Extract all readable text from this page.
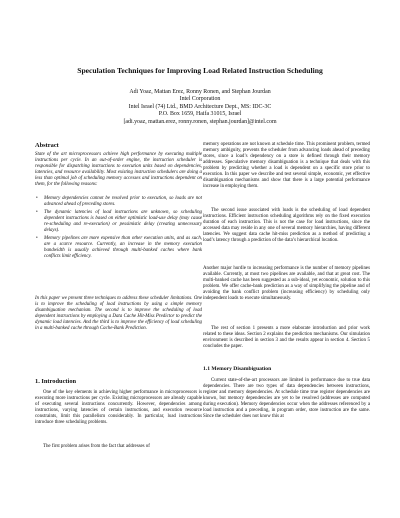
Speculation Techniques for Improving Load Related Instruction Scheduling
Adi Yoaz, Mattan Erez, Ronny Ronen, and Stephan Jourdan
Intel Corporation
Intel Israel (74) Ltd., BMD Architecture Dept., MS: IDC-3C
P.O. Box 1659, Haifa 31015, Israel
[adi.yoaz, mattan.erez, ronny.ronen, stephan.jourdan]@intel.com
Abstract
State of the art microprocessors achieve high performance by executing multiple instructions per cycle. In an out-of-order engine, the instruction scheduler is responsible for dispatching instructions to execution units based on dependencies, latencies, and resource availability. Most existing instruction schedulers are doing a less than optimal job of scheduling memory accesses and instructions dependent on them, for the following reasons:
• Memory dependencies cannot be resolved prior to execution, so loads are not advanced ahead of preceding stores.
• The dynamic latencies of load instructions are unknown, so scheduling dependent instructions is based on either optimistic load-use delay (may cause re-scheduling and re-execution) or pessimistic delay (creating unnecessary delays).
• Memory pipelines are more expensive than other execution units, and as such, are a scarce resource. Currently, an increase in the memory execution bandwidth is usually achieved through multi-banked caches where bank conflicts limit efficiency.
In this paper we present three techniques to address these scheduler limitations. One is to improve the scheduling of load instructions by using a simple memory disambiguation mechanism. The second is to improve the scheduling of load dependent instructions by employing a Data Cache Hit-Miss Predictor to predict the dynamic load latencies. And the third is to improve the efficiency of load scheduling in a multi-banked cache through Cache-Bank Prediction.
1. Introduction
One of the key elements in achieving higher performance in microprocessors is executing more instructions per cycle. Existing microprocessors are already capable of executing several instructions concurrently. However, dependencies among instructions, varying latencies of certain instructions, and execution resource constraints, limit this parallelism considerably. In particular, load instructions introduce three scheduling problems.
The first problem arises from the fact that addresses of
memory operations are not known at schedule time. This prominent problem, termed memory ambiguity, prevents the scheduler from advancing loads ahead of preceding stores, since a load’s dependency on a store is defined through their memory addresses. Speculative memory disambiguation is a technique that deals with this problem by predicting whether a load is dependent on a specific store prior to execution. In this paper we describe and test several simple, economic, yet effective disambiguation mechanisms and show that there is a large potential performance increase in employing them.
The second issue associated with loads is the scheduling of load dependent instructions. Efficient instruction scheduling algorithms rely on the fixed execution duration of each instruction. This is not the case for load instructions, since the accessed data may reside in any one of several memory hierarchies, having different latencies. We suggest data cache hit-miss prediction as a method of predicting a load’s latency through a prediction of the data’s hierarchical location.
Another major hurdle to increasing performance is the number of memory pipelines available. Currently, at most two pipelines are available, and that at great cost. The multi-banked cache has been suggested as a sub-ideal, yet economic, solution to this problem. We offer cache-bank prediction as a way of simplifying the pipeline and of avoiding the bank conflict problem (increasing efficiency) by scheduling only independent loads to execute simultaneously.
The rest of section 1 presents a more elaborate introduction and prior work related to these ideas. Section 2 explains the prediction mechanisms. Our simulation environment is described in section 3 and the results appear in section 4. Section 5 concludes the paper.
1.1 Memory Disambiguation
Current state-of-the-art processors are limited in performance due to true data dependencies. There are two types of data dependencies between instructions, register and memory dependencies. At schedule time true register dependencies are known, but memory dependencies are yet to be resolved (addresses are computed during execution). Memory dependencies occur when the addresses referenced by a load instruction and a preceding, in program order, store instruction are the same. Since the scheduler does not know this at
